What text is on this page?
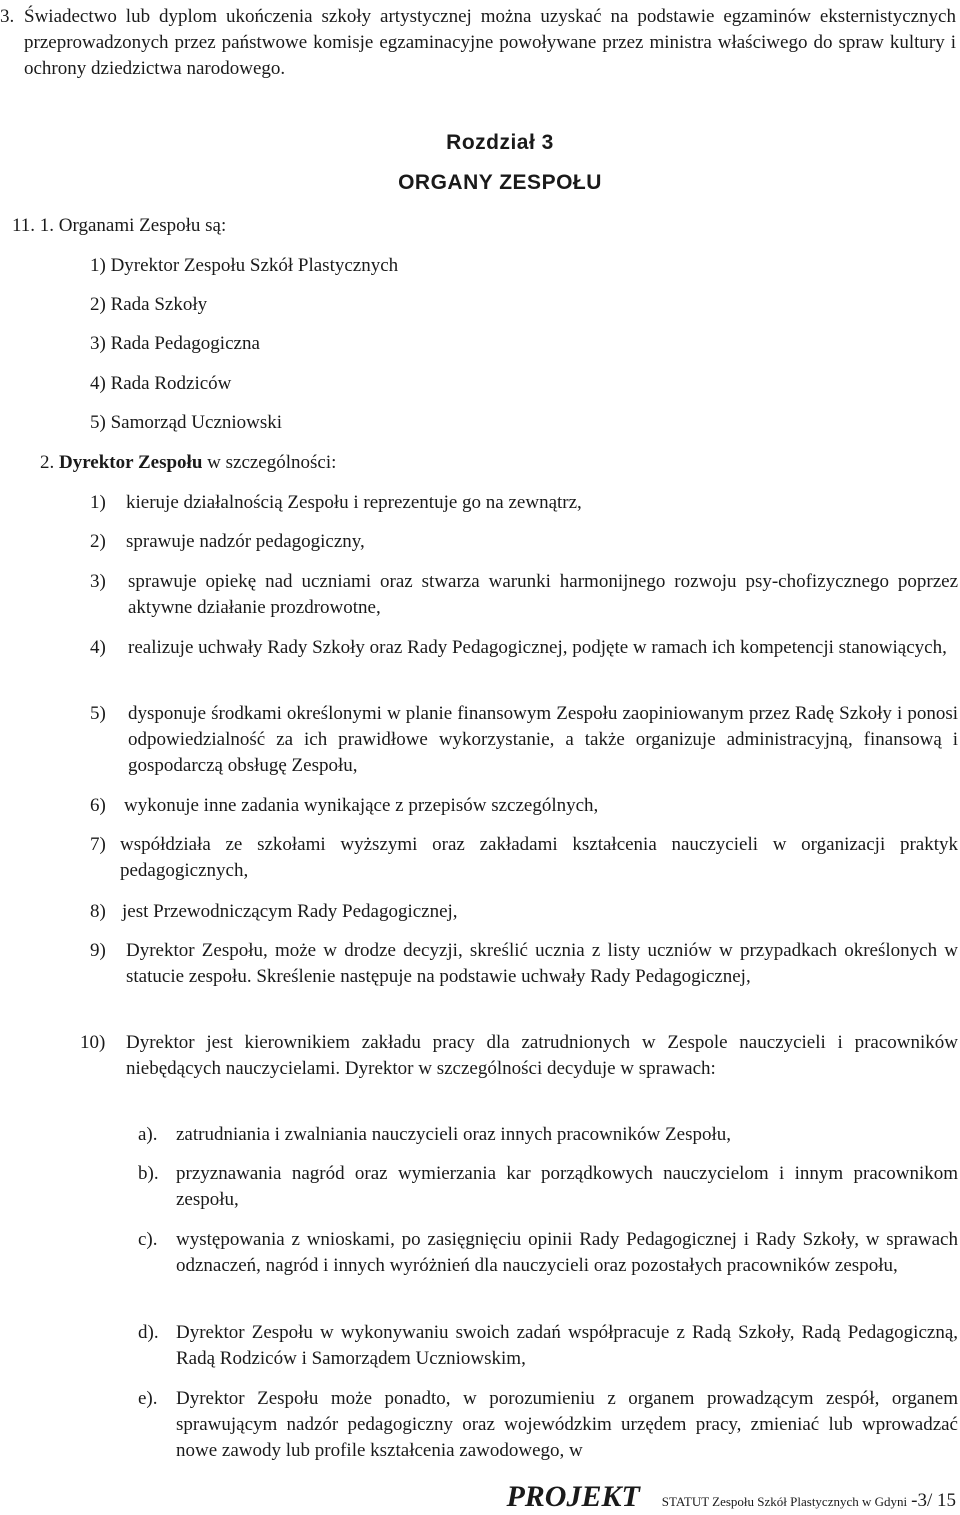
3. Świadectwo lub dyplom ukończenia szkoły artystycznej można uzyskać na podstawie egzaminów eksternistycznych przeprowadzonych przez państwowe komisje egzaminacyjne powoływane przez ministra właściwego do spraw kultury i ochrony dziedzictwa narodowego.
Rozdział 3
ORGANY ZESPOŁU
11. 1. Organami Zespołu są:
1) Dyrektor Zespołu Szkół Plastycznych
2) Rada Szkoły
3) Rada Pedagogiczna
4) Rada Rodziców
5) Samorząd Uczniowski
2. Dyrektor Zespołu w szczególności:
1)	kieruje działalnością Zespołu i reprezentuje go na zewnątrz,
2)	sprawuje nadzór pedagogiczny,
3)	sprawuje opiekę nad uczniami oraz stwarza warunki harmonijnego rozwoju psy-chofizycznego poprzez aktywne działanie prozdrowotne,
4)	realizuje uchwały Rady Szkoły oraz Rady Pedagogicznej, podjęte w ramach ich kompetencji stanowiących,
5)	dysponuje środkami określonymi w planie finansowym Zespołu zaopiniowanym przez Radę Szkoły i ponosi odpowiedzialność za ich prawidłowe wykorzystanie, a także organizuje administracyjną, finansową i gospodarczą obsługę Zespołu,
6) wykonuje inne zadania wynikające z przepisów szczególnych,
7) współdziała ze szkołami wyższymi oraz zakładami kształcenia nauczycieli w organizacji praktyk pedagogicznych,
8) jest Przewodniczącym Rady Pedagogicznej,
9)	Dyrektor Zespołu, może w drodze decyzji, skreślić ucznia z listy uczniów w przypadkach określonych w statucie zespołu. Skreślenie następuje na podstawie uchwały Rady Pedagogicznej,
10)	Dyrektor jest kierownikiem zakładu pracy dla zatrudnionych w Zespole nauczycieli i pracowników niebędących nauczycielami. Dyrektor w szczególności decyduje w sprawach:
a). zatrudniania i zwalniania nauczycieli oraz innych pracowników Zespołu,
b). przyznawania nagród oraz wymierzania kar porządkowych nauczycielom i innym pracownikom zespołu,
c). występowania z wnioskami, po zasięgnięciu opinii Rady Pedagogicznej i Rady Szkoły, w sprawach odznaczeń, nagród i innych wyróżnień dla nauczycieli oraz pozostałych pracowników zespołu,
d). Dyrektor Zespołu w wykonywaniu swoich zadań współpracuje z Radą Szkoły, Radą Pedagogiczną, Radą Rodziców i Samorządem Uczniowskim,
e). Dyrektor Zespołu może ponadto, w porozumieniu z organem prowadzącym zespół, organem sprawującym nadzór pedagogiczny oraz wojewódzkim urzędem pracy, zmieniać lub wprowadzać nowe zawody lub profile kształcenia zawodowego, w
PROJEKT STATUT Zespołu Szkół Plastycznych w Gdyni -3/ 15
